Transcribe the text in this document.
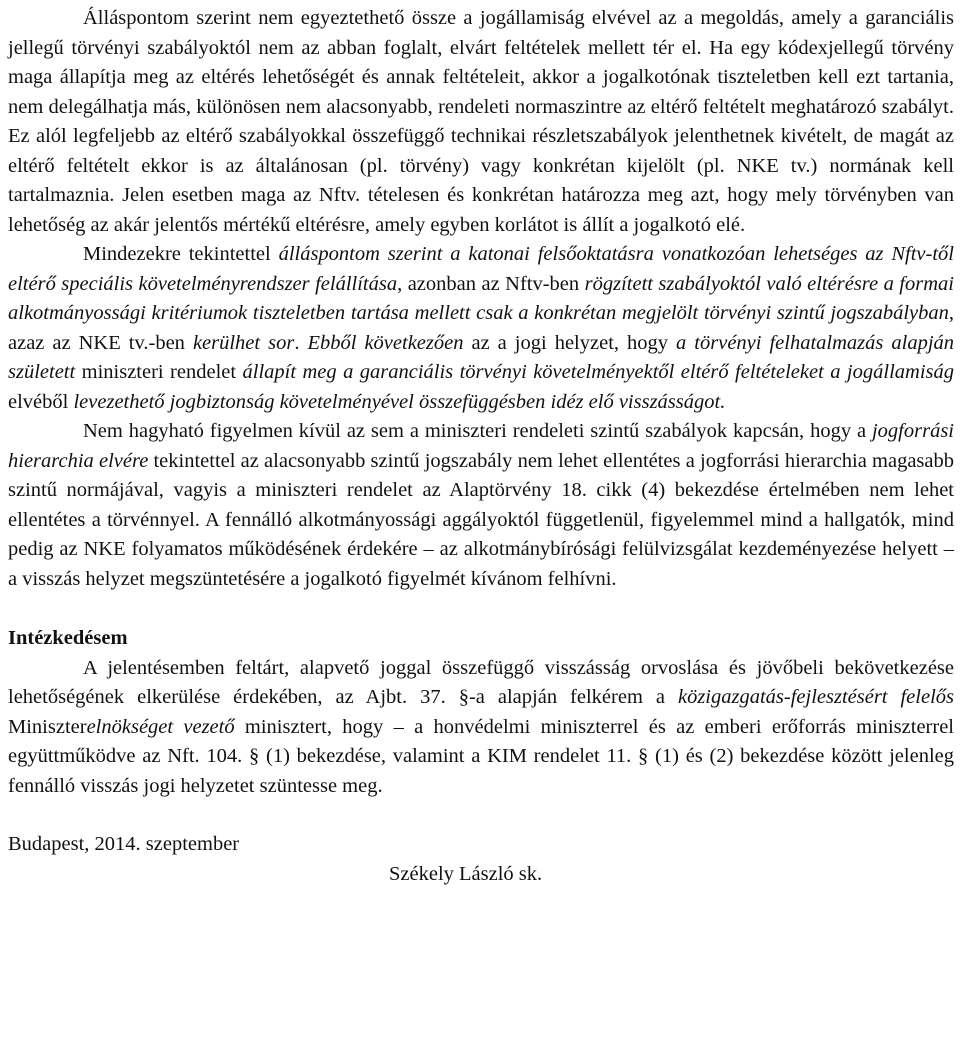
Álláspontom szerint nem egyeztethető össze a jogállamiság elvével az a megoldás, amely a garanciális jellegű törvényi szabályoktól nem az abban foglalt, elvárt feltételek mellett tér el. Ha egy kódexjellegű törvény maga állapítja meg az eltérés lehetőségét és annak feltételeit, akkor a jogalkotónak tiszteletben kell ezt tartania, nem delegálhatja más, különösen nem alacsonyabb, rendeleti normaszintre az eltérő feltételt meghatározó szabályt. Ez alól legfeljebb az eltérő szabályokkal összefüggő technikai részletszabályok jelenthetnek kivételt, de magát az eltérő feltételt ekkor is az általánosan (pl. törvény) vagy konkrétan kijelölt (pl. NKE tv.) normának kell tartalmaznia. Jelen esetben maga az Nftv. tételesen és konkrétan határozza meg azt, hogy mely törvényben van lehetőség az akár jelentős mértékű eltérésre, amely egyben korlátot is állít a jogalkotó elé.

Mindezekre tekintettel álláspontom szerint a katonai felsőoktatásra vonatkozóan lehetséges az Nftv-től eltérő speciális követelményrendszer felállítása, azonban az Nftv-ben rögzített szabályoktól való eltérésre a formai alkotmányossági kritériumok tiszteletben tartása mellett csak a konkrétan megjelölt törvényi szintű jogszabályban, azaz az NKE tv.-ben kerülhet sor. Ebből következően az a jogi helyzet, hogy a törvényi felhatalmazás alapján született miniszteri rendelet állapít meg a garanciális törvényi követelményektől eltérő feltételeket a jogállamiság elvéből levezethető jogbiztonság követelményével összefüggésben idéz elő visszásságot.

Nem hagyható figyelmen kívül az sem a miniszteri rendeleti szintű szabályok kapcsán, hogy a jogforrási hierarchia elvére tekintettel az alacsonyabb szintű jogszabály nem lehet ellentétes a jogforrási hierarchia magasabb szintű normájával, vagyis a miniszteri rendelet az Alaptörvény 18. cikk (4) bekezdése értelmében nem lehet ellentétes a törvénnyel. A fennálló alkotmányossági aggályoktól függetlenül, figyelemmel mind a hallgatók, mind pedig az NKE folyamatos működésének érdekére – az alkotmánybírósági felülvizsgálat kezdeményezése helyett – a visszás helyzet megszüntetésére a jogalkotó figyelmét kívánom felhívni.

Intézkedésem

A jelentésemben feltárt, alapvető joggal összefüggő visszásság orvoslása és jövőbeli bekövetkezése lehetőségének elkerülése érdekében, az Ajbt. 37. §-a alapján felkérem a közigazgatás-fejlesztésért felelős Miniszterelnökséget vezető minisztert, hogy – a honvédelmi miniszterrel és az emberi erőforrás miniszterrel együttműködve az Nft. 104. § (1) bekezdése, valamint a KIM rendelet 11. § (1) és (2) bekezdése között jelenleg fennálló visszás jogi helyzetet szüntesse meg.

Budapest, 2014. szeptember

Székely László sk.
